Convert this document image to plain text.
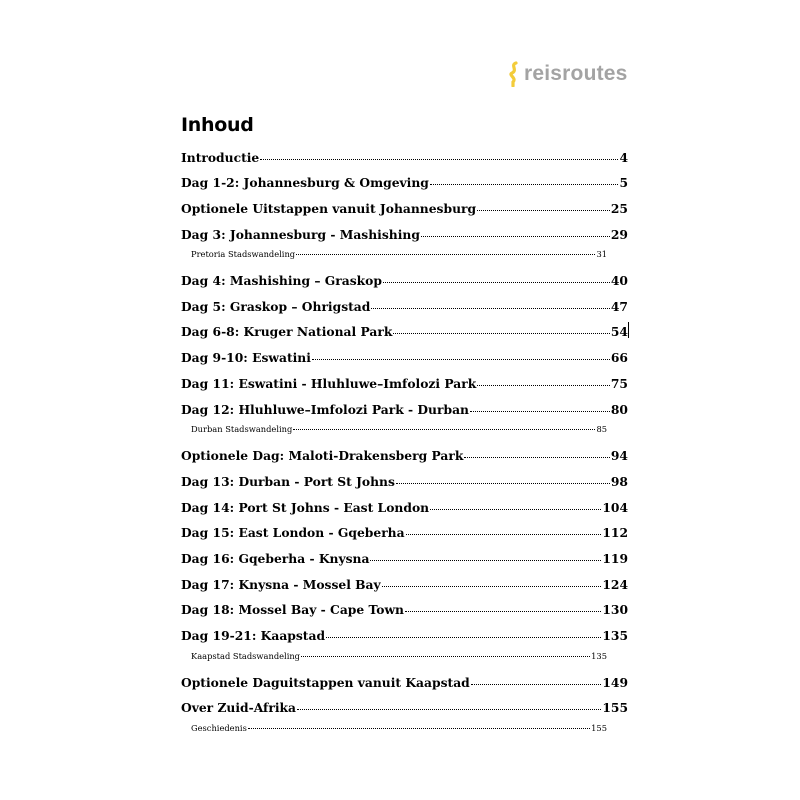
reisroutes
Inhoud
Introductie	4
Dag 1-2: Johannesburg & Omgeving	5
Optionele Uitstappen vanuit Johannesburg	25
Dag 3: Johannesburg - Mashishing	29
Pretoria Stadswandeling	31
Dag 4: Mashishing – Graskop	40
Dag 5: Graskop – Ohrigstad	47
Dag 6-8: Kruger National Park	54
Dag 9-10: Eswatini	66
Dag 11: Eswatini - Hluhluwe–Imfolozi Park	75
Dag 12: Hluhluwe–Imfolozi Park - Durban	80
Durban Stadswandeling	85
Optionele Dag: Maloti-Drakensberg Park	94
Dag 13: Durban - Port St Johns	98
Dag 14: Port St Johns - East London	104
Dag 15: East London - Gqeberha	112
Dag 16: Gqeberha - Knysna	119
Dag 17: Knysna - Mossel Bay	124
Dag 18: Mossel Bay - Cape Town	130
Dag 19-21: Kaapstad	135
Kaapstad Stadswandeling	135
Optionele Daguitstappen vanuit Kaapstad	149
Over Zuid-Afrika	155
Geschiedenis	155
